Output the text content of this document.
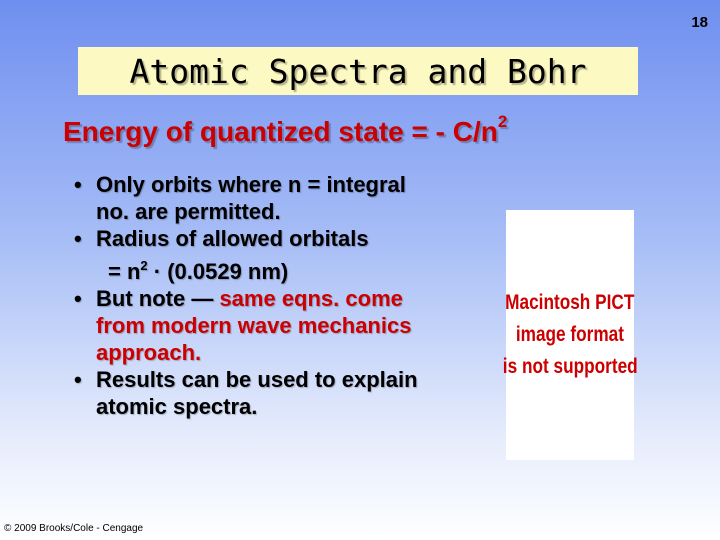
18
Atomic Spectra and Bohr
Energy of quantized state = - $C/n^2$
• Only orbits where n = integral
no. are permitted.
• Radius of allowed orbitals
= $n^2 \cdot (0.0529$ nm)
• But note — same eqns. come
from modern wave mechanics
approach.
• Results can be used to explain
atomic spectra.
Macintosh PICT
image format
is not supported
© 2009 Brooks/Cole - Cengage
